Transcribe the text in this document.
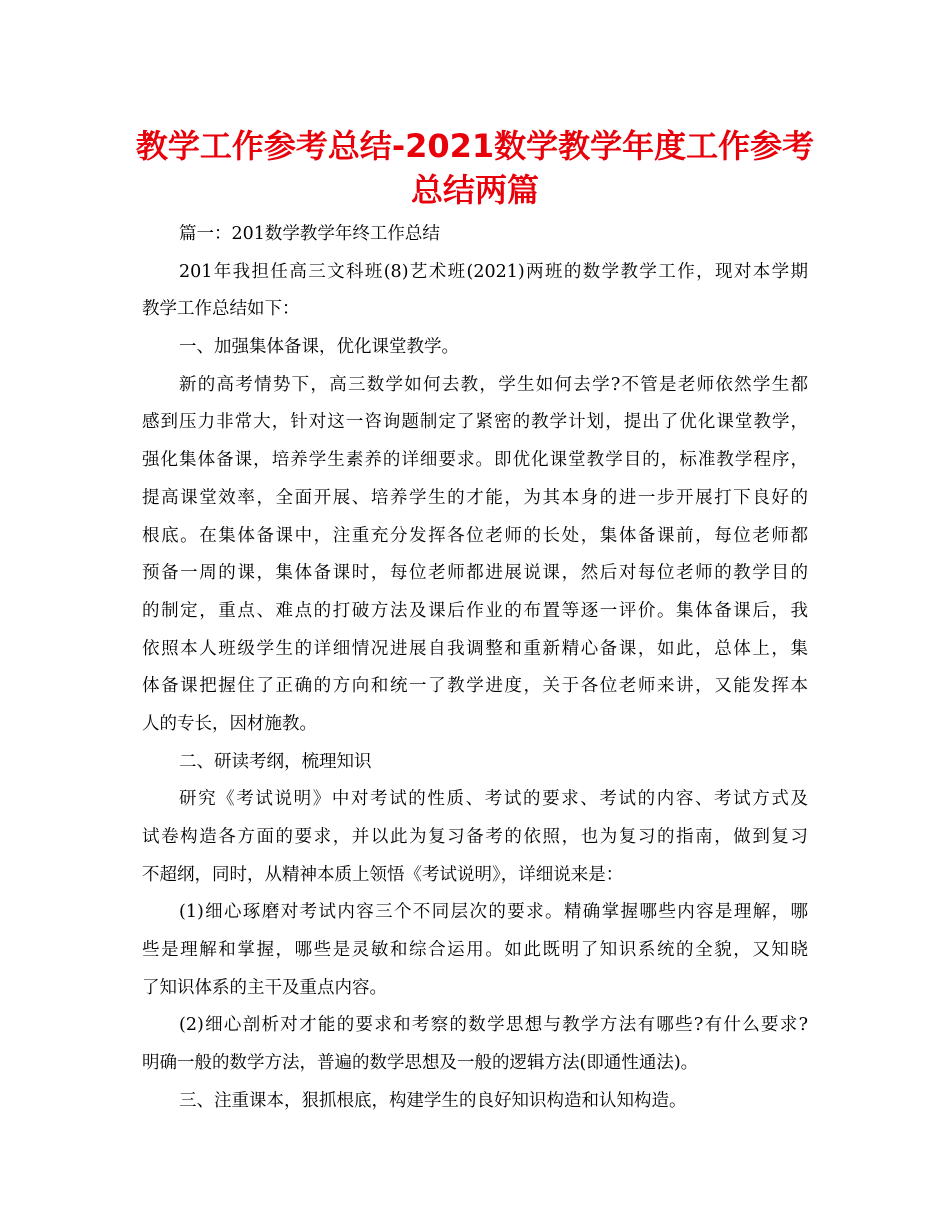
教学工作参考总结-2021数学教学年度工作参考
总结两篇
篇一：201数学教学年终工作总结
201年我担任高三文科班(8)艺术班(2021)两班的数学教学工作，现对本学期
教学工作总结如下：
一、加强集体备课，优化课堂教学。
新的高考情势下，高三数学如何去教，学生如何去学?不管是老师依然学生都
感到压力非常大，针对这一咨询题制定了紧密的教学计划，提出了优化课堂教学，
强化集体备课，培养学生素养的详细要求。即优化课堂教学目的，标准教学程序，
提高课堂效率，全面开展、培养学生的才能，为其本身的进一步开展打下良好的
根底。在集体备课中，注重充分发挥各位老师的长处，集体备课前，每位老师都
预备一周的课，集体备课时，每位老师都进展说课，然后对每位老师的教学目的
的制定，重点、难点的打破方法及课后作业的布置等逐一评价。集体备课后，我
依照本人班级学生的详细情况进展自我调整和重新精心备课，如此，总体上，集
体备课把握住了正确的方向和统一了教学进度，关于各位老师来讲，又能发挥本
人的专长，因材施教。
二、研读考纲，梳理知识
研究《考试说明》中对考试的性质、考试的要求、考试的内容、考试方式及
试卷构造各方面的要求，并以此为复习备考的依照，也为复习的指南，做到复习
不超纲，同时，从精神本质上领悟《考试说明》，详细说来是：
(1)细心琢磨对考试内容三个不同层次的要求。精确掌握哪些内容是理解，哪
些是理解和掌握，哪些是灵敏和综合运用。如此既明了知识系统的全貌，又知晓
了知识体系的主干及重点内容。
(2)细心剖析对才能的要求和考察的数学思想与教学方法有哪些?有什么要求?
明确一般的数学方法，普遍的数学思想及一般的逻辑方法(即通性通法)。
三、注重课本，狠抓根底，构建学生的良好知识构造和认知构造。
